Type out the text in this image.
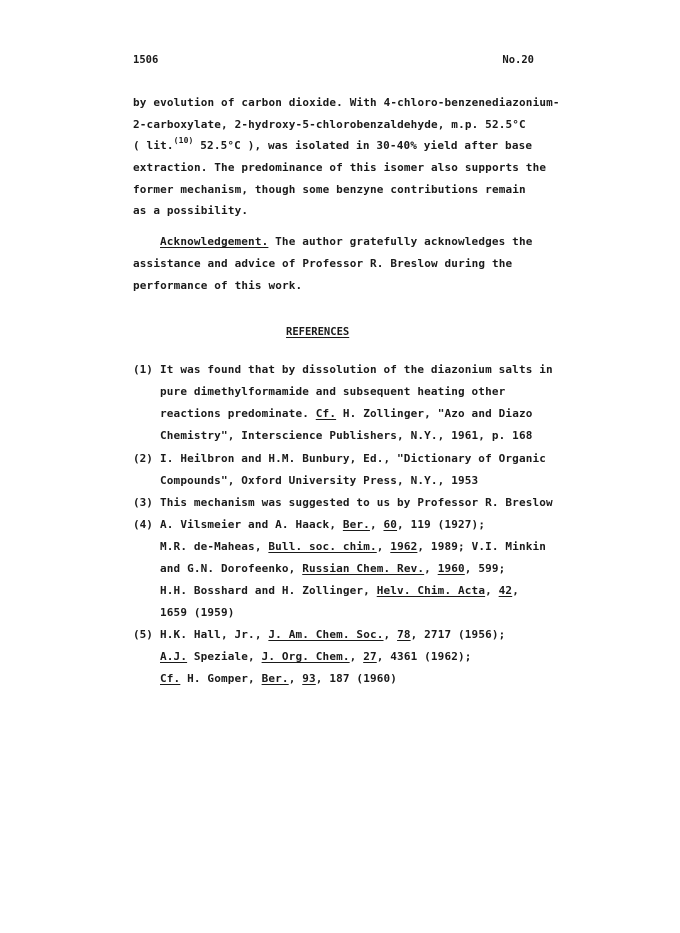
1506	No.20
by evolution of carbon dioxide. With 4-chloro-benzenediazonium-
2-carboxylate, 2-hydroxy-5-chlorobenzaldehyde, m.p. 52.5°C
( lit.$^{(10)}$ 52.5°C ), was isolated in 30-40% yield after base
extraction. The predominance of this isomer also supports the
former mechanism, though some benzyne contributions remain
as a possibility.
Acknowledgement. The author gratefully acknowledges the
assistance and advice of Professor R. Breslow during the
performance of this work.
REFERENCES
(1) It was found that by dissolution of the diazonium salts in
pure dimethylformamide and subsequent heating other
reactions predominate. Cf. H. Zollinger, "Azo and Diazo
Chemistry", Interscience Publishers, N.Y., 1961, p. 168
(2) I. Heilbron and H.M. Bunbury, Ed., "Dictionary of Organic
Compounds", Oxford University Press, N.Y., 1953
(3) This mechanism was suggested to us by Professor R. Breslow
(4) A. Vilsmeier and A. Haack, Ber., 60, 119 (1927);
M.R. de-Maheas, Bull. soc. chim., 1962, 1989; V.I. Minkin
and G.N. Dorofeenko, Russian Chem. Rev., 1960, 599;
H.H. Bosshard and H. Zollinger, Helv. Chim. Acta, 42,
1659 (1959)
(5) H.K. Hall, Jr., J. Am. Chem. Soc., 78, 2717 (1956);
A.J. Speziale, J. Org. Chem., 27, 4361 (1962);
Cf. H. Gomper, Ber., 93, 187 (1960)
